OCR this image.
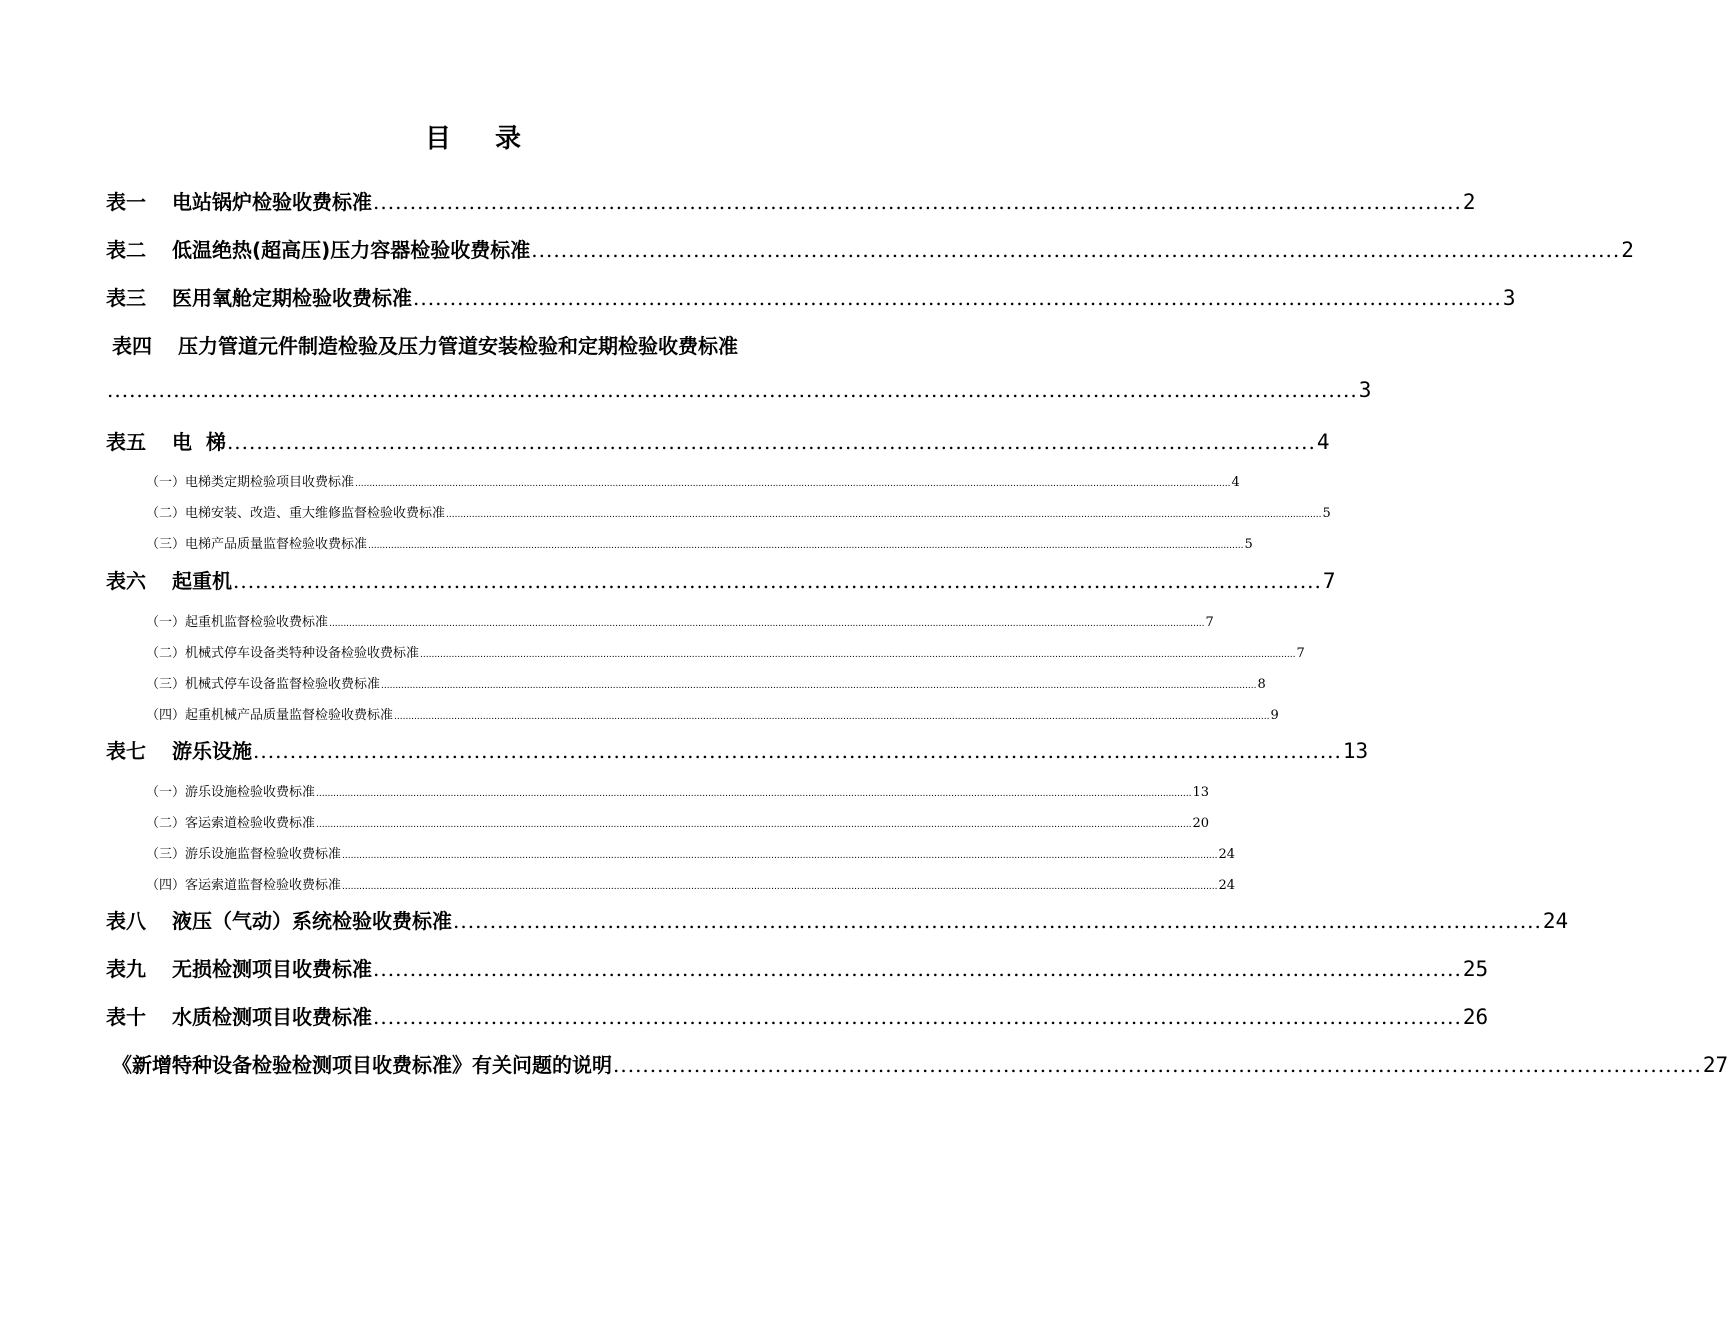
目 录
表一 电站锅炉检验收费标准 .................................................................................................................................................... 2
表二 低温绝热(超高压)压力容器检验收费标准 .................................................................................................................................................... 2
表三 医用氧舱定期检验收费标准 .................................................................................................................................................... 3
表四 压力管道元件制造检验及压力管道安装检验和定期检验收费标准
.......................................................................................................................................................................... 3
表五 电  梯 .................................................................................................................................................... 4
（一）电梯类定期检验项目收费标准 .................................................................................................................................................................................................................................................................................................................. 4
（二）电梯安装、改造、重大维修监督检验收费标准 .................................................................................................................................................................................................................................................................................................................. 5
（三）电梯产品质量监督检验收费标准 .................................................................................................................................................................................................................................................................................................................. 5
表六 起重机 .................................................................................................................................................... 7
（一）起重机监督检验收费标准 .................................................................................................................................................................................................................................................................................................................. 7
（二）机械式停车设备类特种设备检验收费标准 .................................................................................................................................................................................................................................................................................................................. 7
（三）机械式停车设备监督检验收费标准 .................................................................................................................................................................................................................................................................................................................. 8
（四）起重机械产品质量监督检验收费标准 .................................................................................................................................................................................................................................................................................................................. 9
表七 游乐设施 .................................................................................................................................................... 13
（一）游乐设施检验收费标准 .................................................................................................................................................................................................................................................................................................................. 13
（二）客运索道检验收费标准 .................................................................................................................................................................................................................................................................................................................. 20
（三）游乐设施监督检验收费标准 .................................................................................................................................................................................................................................................................................................................. 24
（四）客运索道监督检验收费标准 .................................................................................................................................................................................................................................................................................................................. 24
表八 液压（气动）系统检验收费标准 .................................................................................................................................................... 24
表九 无损检测项目收费标准 .................................................................................................................................................... 25
表十 水质检测项目收费标准 .................................................................................................................................................... 26
《新增特种设备检验检测项目收费标准》有关问题的说明 .................................................................................................................................................... 27
